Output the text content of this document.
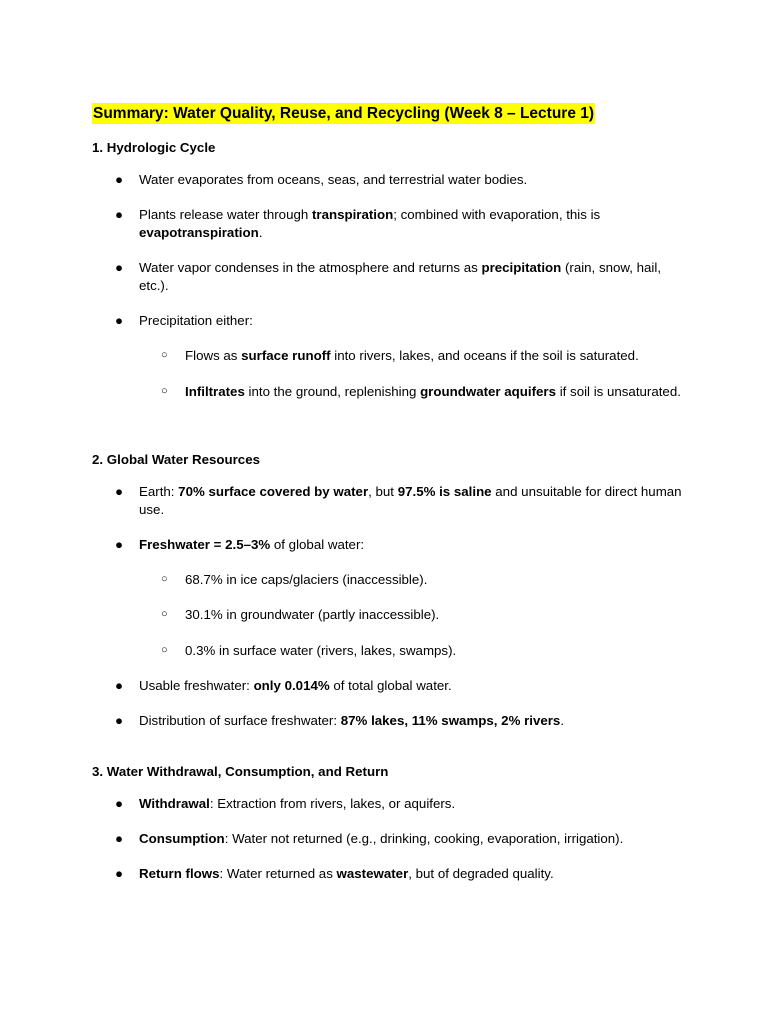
Summary: Water Quality, Reuse, and Recycling (Week 8 – Lecture 1)
1. Hydrologic Cycle
● Water evaporates from oceans, seas, and terrestrial water bodies.
● Plants release water through transpiration; combined with evaporation, this is evapotranspiration.
● Water vapor condenses in the atmosphere and returns as precipitation (rain, snow, hail, etc.).
● Precipitation either:
○ Flows as surface runoff into rivers, lakes, and oceans if the soil is saturated.
○ Infiltrates into the ground, replenishing groundwater aquifers if soil is unsaturated.
2. Global Water Resources
● Earth: 70% surface covered by water, but 97.5% is saline and unsuitable for direct human use.
● Freshwater = 2.5–3% of global water:
○ 68.7% in ice caps/glaciers (inaccessible).
○ 30.1% in groundwater (partly inaccessible).
○ 0.3% in surface water (rivers, lakes, swamps).
● Usable freshwater: only 0.014% of total global water.
● Distribution of surface freshwater: 87% lakes, 11% swamps, 2% rivers.
3. Water Withdrawal, Consumption, and Return
● Withdrawal: Extraction from rivers, lakes, or aquifers.
● Consumption: Water not returned (e.g., drinking, cooking, evaporation, irrigation).
● Return flows: Water returned as wastewater, but of degraded quality.
